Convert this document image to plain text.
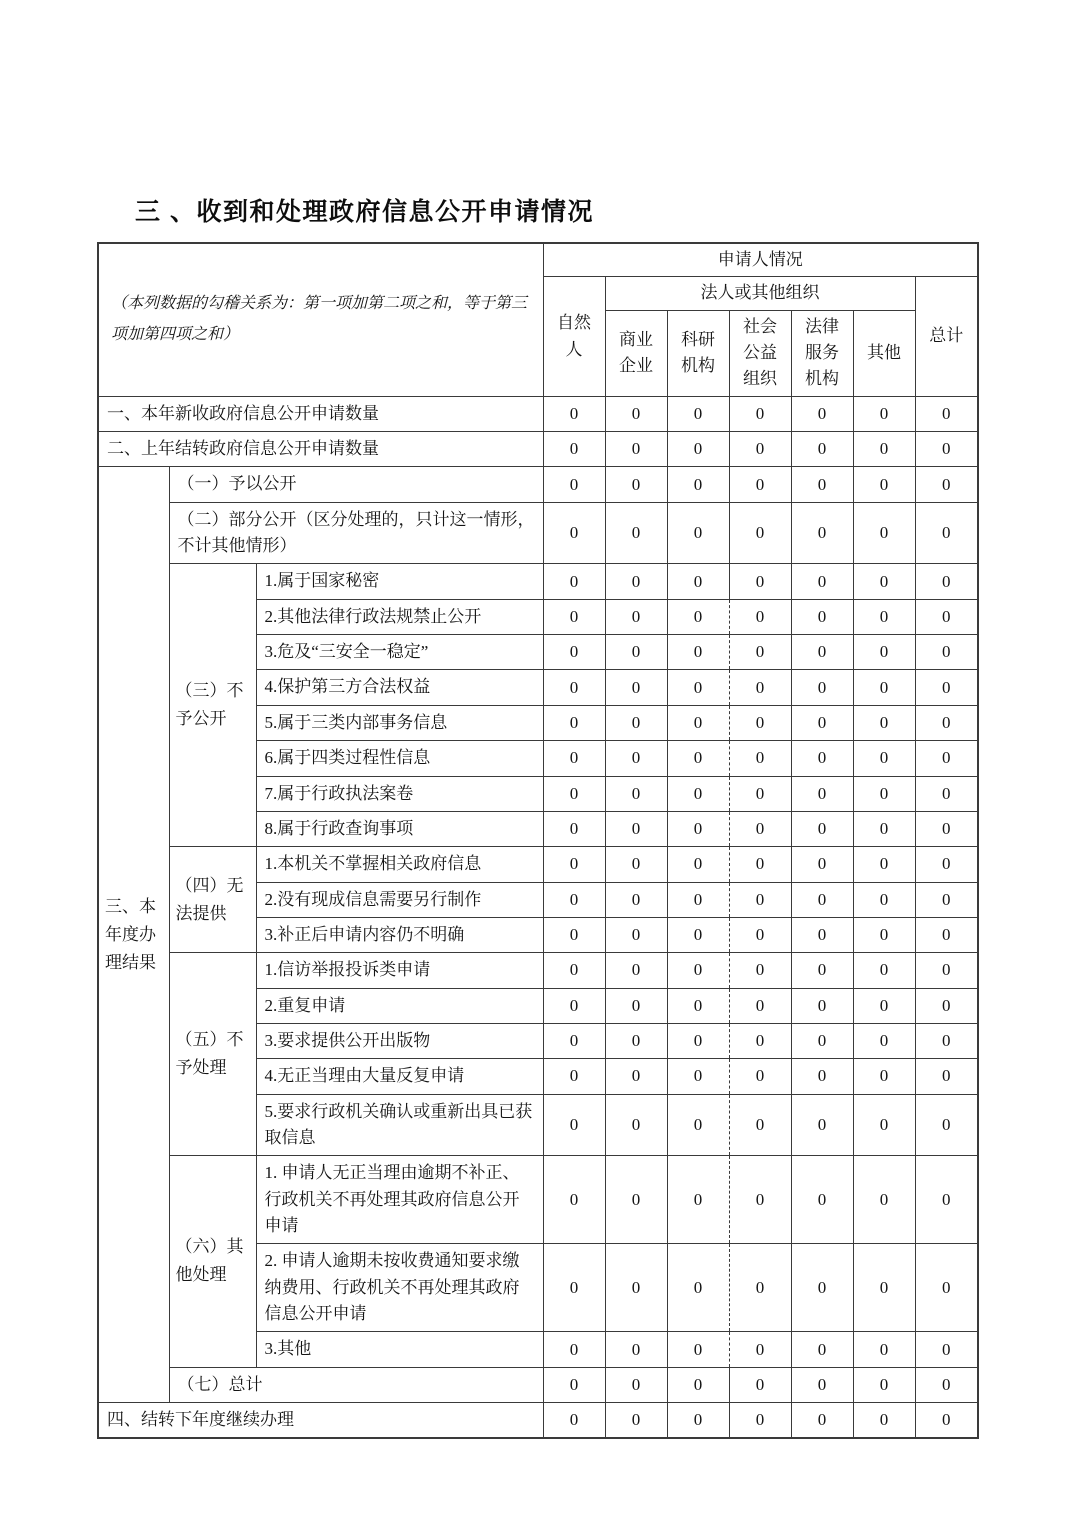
三 、收到和处理政府信息公开申请情况
（本列数据的勾稽关系为：第一项加第二项之和，等于第三项加第四项之和）			申请人情况						
			自然人	法人或其他组织					总计
				商业企业	科研机构	社会公益组织	法律服务机构	其他	
一、本年新收政府信息公开申请数量			0	0	0	0	0	0	0
二、上年结转政府信息公开申请数量			0	0	0	0	0	0	0
三、本年度办理结果	（一）予以公开		0	0	0	0	0	0	0
	（二）部分公开（区分处理的，只计这一情形，不计其他情形）		0	0	0	0	0	0	0
	（三）不予公开	1.属于国家秘密	0	0	0	0	0	0	0
		2.其他法律行政法规禁止公开	0	0	0	0	0	0	0
		3.危及“三安全一稳定”	0	0	0	0	0	0	0
		4.保护第三方合法权益	0	0	0	0	0	0	0
		5.属于三类内部事务信息	0	0	0	0	0	0	0
		6.属于四类过程性信息	0	0	0	0	0	0	0
		7.属于行政执法案卷	0	0	0	0	0	0	0
		8.属于行政查询事项	0	0	0	0	0	0	0
	（四）无法提供	1.本机关不掌握相关政府信息	0	0	0	0	0	0	0
		2.没有现成信息需要另行制作	0	0	0	0	0	0	0
		3.补正后申请内容仍不明确	0	0	0	0	0	0	0
	（五）不予处理	1.信访举报投诉类申请	0	0	0	0	0	0	0
		2.重复申请	0	0	0	0	0	0	0
		3.要求提供公开出版物	0	0	0	0	0	0	0
		4.无正当理由大量反复申请	0	0	0	0	0	0	0
		5.要求行政机关确认或重新出具已获取信息	0	0	0	0	0	0	0
	（六）其他处理	1. 申请人无正当理由逾期不补正、行政机关不再处理其政府信息公开申请	0	0	0	0	0	0	0
		2. 申请人逾期未按收费通知要求缴纳费用、行政机关不再处理其政府信息公开申请	0	0	0	0	0	0	0
		3.其他	0	0	0	0	0	0	0
	（七）总计		0	0	0	0	0	0	0
四、结转下年度继续办理			0	0	0	0	0	0	0
